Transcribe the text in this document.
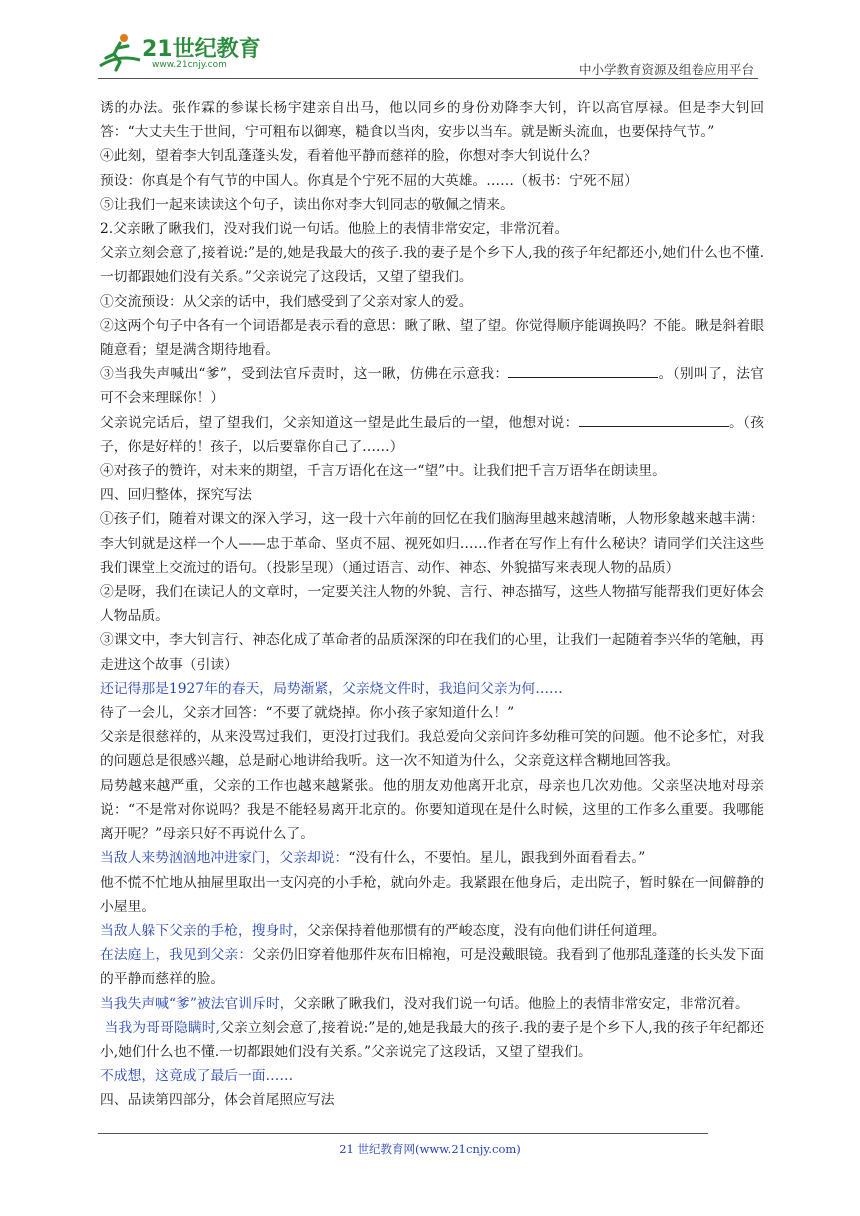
21世纪教育
www.21cnjy.com	中小学教育资源及组卷应用平台

诱的办法。张作霖的参谋长杨宇建亲自出马，他以同乡的身份劝降李大钊，许以高官厚禄。但是李大钊回答：“大丈夫生于世间，宁可粗布以御寒，糙食以当肉，安步以当车。就是断头流血，也要保持气节。”

④此刻，望着李大钊乱蓬蓬头发，看着他平静而慈祥的脸，你想对李大钊说什么？

预设：你真是个有气节的中国人。你真是个宁死不屈的大英雄。……（板书：宁死不屈）

⑤让我们一起来读读这个句子，读出你对李大钊同志的敬佩之情来。

2.父亲瞅了瞅我们，没对我们说一句话。他脸上的表情非常安定，非常沉着。

父亲立刻会意了,接着说:”是的,她是我最大的孩子.我的妻子是个乡下人,我的孩子年纪都还小,她们什么也不懂.一切都跟她们没有关系。”父亲说完了这段话，又望了望我们。

①交流预设：从父亲的话中，我们感受到了父亲对家人的爱。

②这两个句子中各有一个词语都是表示看的意思：瞅了瞅、望了望。你觉得顺序能调换吗？不能。瞅是斜着眼随意看；望是满含期待地看。

③当我失声喊出“爹”，受到法官斥责时，这一瞅，仿佛在示意我：	。（别叫了，法官可不会来理睬你！）

父亲说完话后，望了望我们，父亲知道这一望是此生最后的一望，他想对说：	。（孩子，你是好样的！孩子，以后要靠你自己了……）

④对孩子的赞许，对未来的期望，千言万语化在这一“望”中。让我们把千言万语华在朗读里。

四、回归整体，探究写法

①孩子们，随着对课文的深入学习，这一段十六年前的回忆在我们脑海里越来越清晰，人物形象越来越丰满：李大钊就是这样一个人——忠于革命、坚贞不屈、视死如归……作者在写作上有什么秘诀？请同学们关注这些我们课堂上交流过的语句。（投影呈现）（通过语言、动作、神态、外貌描写来表现人物的品质）

②是呀，我们在读记人的文章时，一定要关注人物的外貌、言行、神态描写，这些人物描写能帮我们更好体会人物品质。

③课文中，李大钊言行、神态化成了革命者的品质深深的印在我们的心里，让我们一起随着李兴华的笔触，再走进这个故事（引读）

还记得那是1927年的春天，局势渐紧，父亲烧文件时，我追问父亲为何……

待了一会儿，父亲才回答：“不要了就烧掉。你小孩子家知道什么！”

父亲是很慈祥的，从来没骂过我们，更没打过我们。我总爱向父亲问许多幼稚可笑的问题。他不论多忙，对我的问题总是很感兴趣，总是耐心地讲给我听。这一次不知道为什么，父亲竟这样含糊地回答我。

局势越来越严重，父亲的工作也越来越紧张。他的朋友劝他离开北京，母亲也几次劝他。父亲坚决地对母亲说：“不是常对你说吗？我是不能轻易离开北京的。你要知道现在是什么时候，这里的工作多么重要。我哪能离开呢？”母亲只好不再说什么了。

当敌人来势汹汹地冲进家门，父亲却说：“没有什么，不要怕。星儿，跟我到外面看看去。”

他不慌不忙地从抽屉里取出一支闪亮的小手枪，就向外走。我紧跟在他身后，走出院子，暂时躲在一间僻静的小屋里。

当敌人躲下父亲的手枪，搜身时，父亲保持着他那惯有的严峻态度，没有向他们讲任何道理。

在法庭上，我见到父亲：父亲仍旧穿着他那件灰布旧棉袍，可是没戴眼镜。我看到了他那乱蓬蓬的长头发下面的平静而慈祥的脸。

当我失声喊“爹”被法官训斥时，父亲瞅了瞅我们，没对我们说一句话。他脸上的表情非常安定，非常沉着。

当我为哥哥隐瞒时,父亲立刻会意了,接着说:”是的,她是我最大的孩子.我的妻子是个乡下人,我的孩子年纪都还小,她们什么也不懂.一切都跟她们没有关系。”父亲说完了这段话，又望了望我们。

不成想，这竟成了最后一面……

四、品读第四部分，体会首尾照应写法

21 世纪教育网(www.21cnjy.com)
